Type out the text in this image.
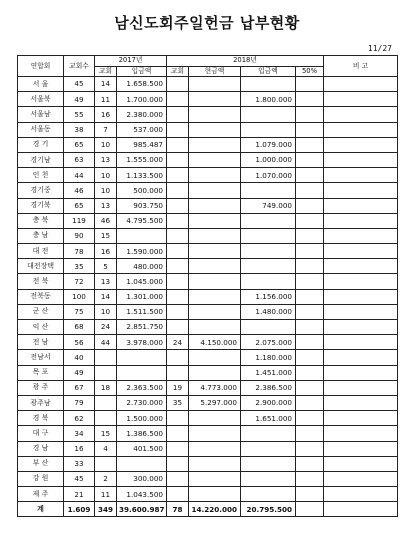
남신도회주일헌금 납부현황
11/27
연합회	교회수	2017년		2018년				비 고
		교회	입금액	교회	현금액	입금액	50%	
서 울	45	14	1.658.500					
서울북	49	11	1.700.000			1.800.000		
서울남	55	16	2.380.000					
서울동	38	7	537.000					
경 기	65	10	985.487			1.079.000		
경기남	63	13	1.555.000			1.000.000		
인 천	44	10	1.133.500			1.070.000		
경기중	46	10	500.000					
경기북	65	13	903.750			749.000		
충 북	119	46	4.795.500					
충 남	90	15						
대 전	78	16	1.590.000					
대전장택	35	5	480.000					
전 북	72	13	1.045.000					
전북동	100	14	1.301.000			1.156.000		
군 산	75	10	1.511.500			1.480.000		
익 산	68	24	2.851.750					
전 남	56	44	3.978.000	24	4.150.000	2.075.000		
전남서	40					1.180.000		
목 포	49					1.451.000		
광 주	67	18	2.363.500	19	4.773.000	2.386.500		
광주남	79		2.730.000	35	5.297.000	2.900.000		
경 북	62		1.500.000			1.651.000		
대 구	34	15	1.386.500					
경 남	16	4	401.500					
부 산	33							
강 원	45	2	300.000					
제 주	21	11	1.043.500					
계	1.609	349	39.600.987	78	14.220.000	20.795.500		
